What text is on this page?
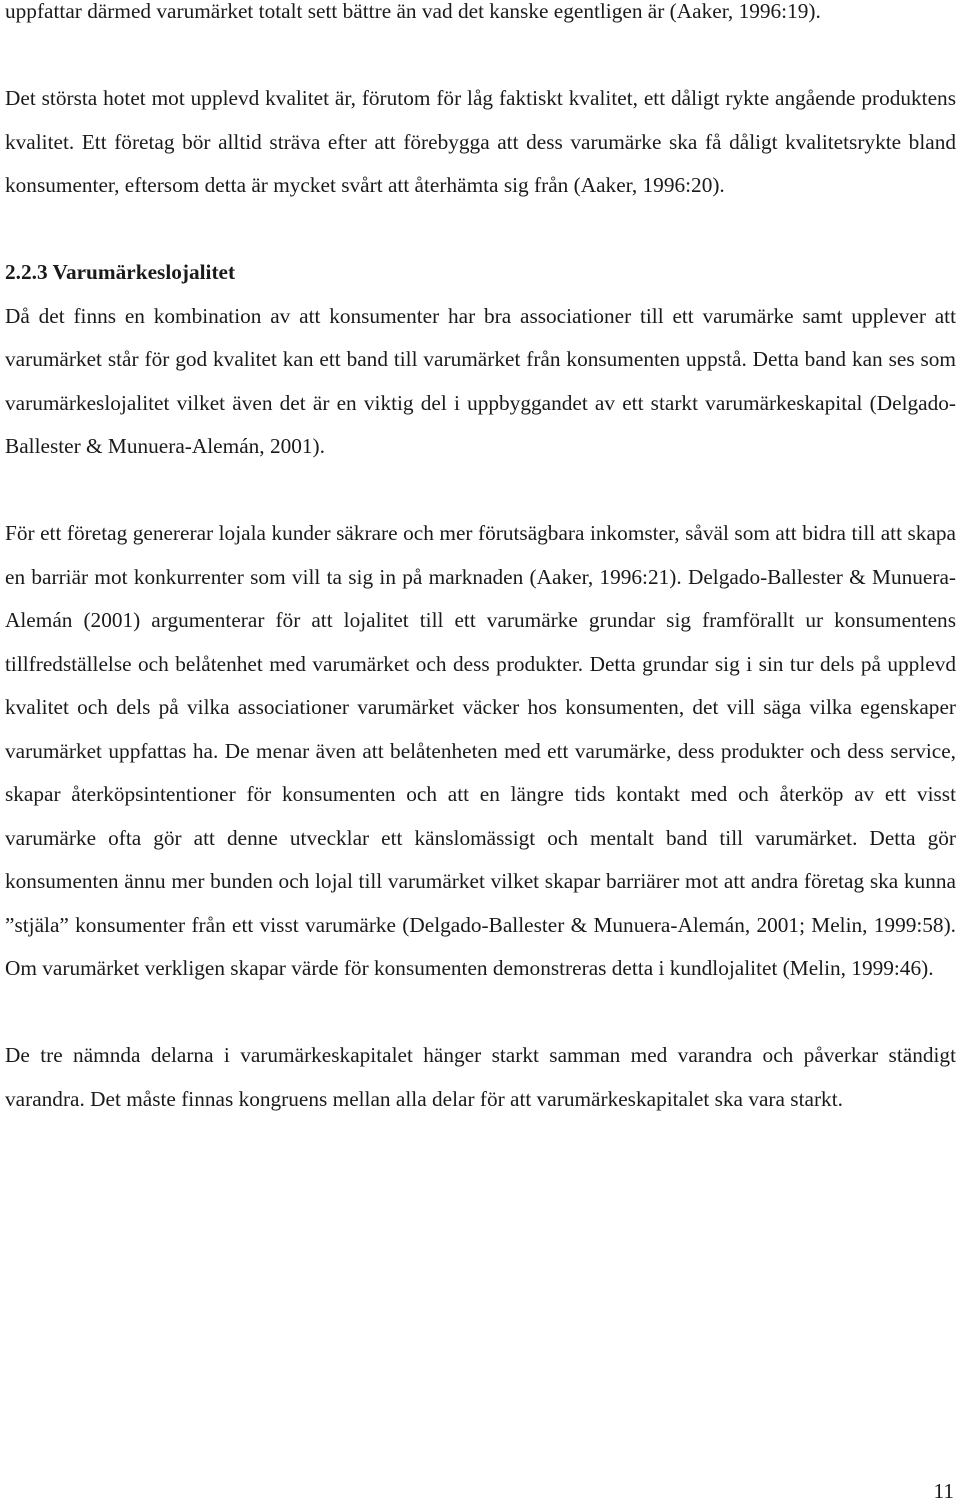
uppfattar därmed varumärket totalt sett bättre än vad det kanske egentligen är (Aaker, 1996:19).

Det största hotet mot upplevd kvalitet är, förutom för låg faktiskt kvalitet, ett dåligt rykte angående produktens kvalitet. Ett företag bör alltid sträva efter att förebygga att dess varumärke ska få dåligt kvalitetsrykte bland konsumenter, eftersom detta är mycket svårt att återhämta sig från (Aaker, 1996:20).

2.2.3 Varumärkeslojalitet

Då det finns en kombination av att konsumenter har bra associationer till ett varumärke samt upplever att varumärket står för god kvalitet kan ett band till varumärket från konsumenten uppstå. Detta band kan ses som varumärkeslojalitet vilket även det är en viktig del i uppbyggandet av ett starkt varumärkeskapital (Delgado-Ballester & Munuera-Alemán, 2001).

För ett företag genererar lojala kunder säkrare och mer förutsägbara inkomster, såväl som att bidra till att skapa en barriär mot konkurrenter som vill ta sig in på marknaden (Aaker, 1996:21). Delgado-Ballester & Munuera-Alemán (2001) argumenterar för att lojalitet till ett varumärke grundar sig framförallt ur konsumentens tillfredställelse och belåtenhet med varumärket och dess produkter. Detta grundar sig i sin tur dels på upplevd kvalitet och dels på vilka associationer varumärket väcker hos konsumenten, det vill säga vilka egenskaper varumärket uppfattas ha. De menar även att belåtenheten med ett varumärke, dess produkter och dess service, skapar återköpsintentioner för konsumenten och att en längre tids kontakt med och återköp av ett visst varumärke ofta gör att denne utvecklar ett känslomässigt och mentalt band till varumärket. Detta gör konsumenten ännu mer bunden och lojal till varumärket vilket skapar barriärer mot att andra företag ska kunna ”stjäla” konsumenter från ett visst varumärke (Delgado-Ballester & Munuera-Alemán, 2001; Melin, 1999:58). Om varumärket verkligen skapar värde för konsumenten demonstreras detta i kundlojalitet (Melin, 1999:46).

De tre nämnda delarna i varumärkeskapitalet hänger starkt samman med varandra och påverkar ständigt varandra. Det måste finnas kongruens mellan alla delar för att varumärkeskapitalet ska vara starkt.

11
